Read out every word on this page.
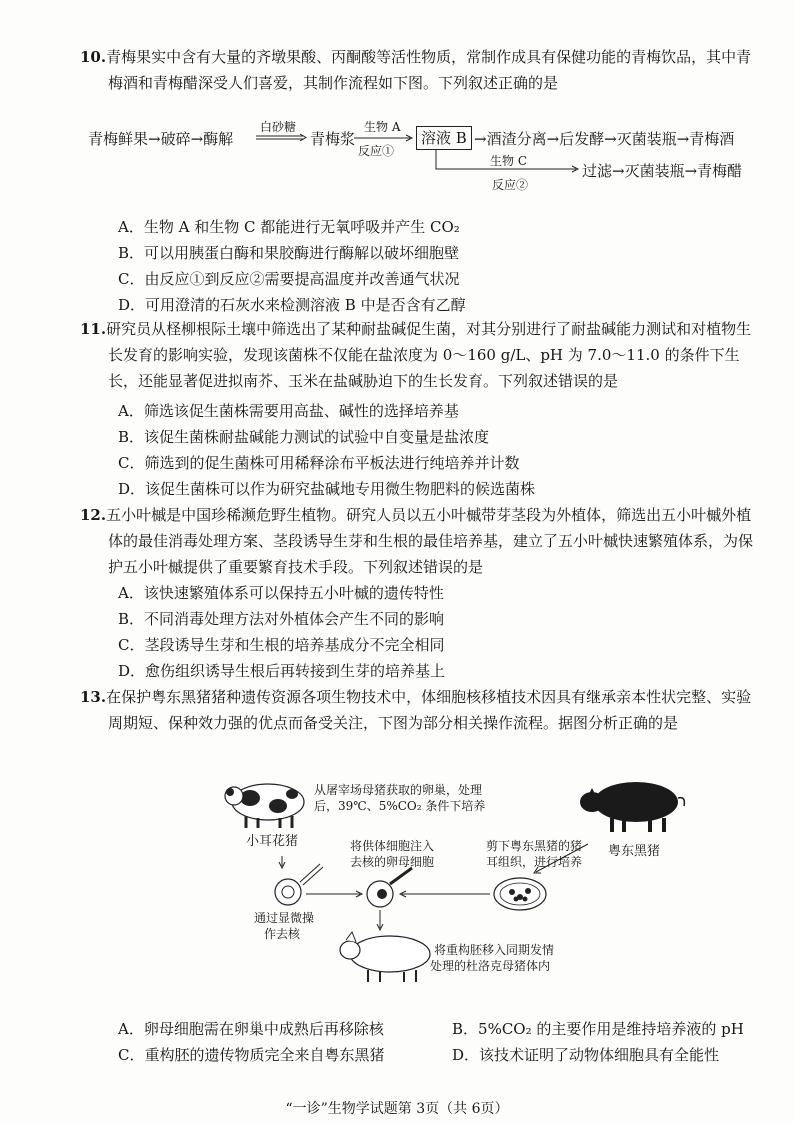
10.青梅果实中含有大量的齐墩果酸、丙酮酸等活性物质，常制作成具有保健功能的青梅饮品，其中青梅酒和青梅醋深受人们喜爱，其制作流程如下图。下列叙述正确的是

青梅鲜果→破碎→酶解
白砂糖
青梅浆
生物 A
反应①
溶液 B →酒渣分离→后发酵→灭菌装瓶→青梅酒
生物 C
反应②
过滤→灭菌装瓶→青梅醋
A．生物 A 和生物 C 都能进行无氧呼吸并产生 CO₂
B．可以用胰蛋白酶和果胶酶进行酶解以破坏细胞壁
C．由反应①到反应②需要提高温度并改善通气状况
D．可用澄清的石灰水来检测溶液 B 中是否含有乙醇

11.研究员从柽柳根际土壤中筛选出了某种耐盐碱促生菌，对其分别进行了耐盐碱能力测试和对植物生长发育的影响实验，发现该菌株不仅能在盐浓度为 0～160 g/L、pH 为 7.0～11.0 的条件下生长，还能显著促进拟南芥、玉米在盐碱胁迫下的生长发育。下列叙述错误的是

A．筛选该促生菌株需要用高盐、碱性的选择培养基
B．该促生菌株耐盐碱能力测试的试验中自变量是盐浓度
C．筛选到的促生菌株可用稀释涂布平板法进行纯培养并计数
D．该促生菌株可以作为研究盐碱地专用微生物肥料的候选菌株

12.五小叶槭是中国珍稀濒危野生植物。研究人员以五小叶槭带芽茎段为外植体，筛选出五小叶槭外植体的最佳消毒处理方案、茎段诱导生芽和生根的最佳培养基，建立了五小叶槭快速繁殖体系，为保护五小叶槭提供了重要繁育技术手段。下列叙述错误的是

A．该快速繁殖体系可以保持五小叶槭的遗传特性
B．不同消毒处理方法对外植体会产生不同的影响
C．茎段诱导生芽和生根的培养基成分不完全相同
D．愈伤组织诱导生根后再转接到生芽的培养基上

13.在保护粤东黑猪猪种遗传资源各项生物技术中，体细胞核移植技术因具有继承亲本性状完整、实验周期短、保种效力强的优点而备受关注，下图为部分相关操作流程。据图分析正确的是

从屠宰场母猪获取的卵巢，处理
后，39℃、5%CO₂ 条件下培养
小耳花猪
粤东黑猪
将供体细胞注入
去核的卵母细胞
剪下粤东黑猪的猪
耳组织，进行培养
通过显微操
作去核
将重构胚移入同期发情
处理的杜洛克母猪体内
A．卵母细胞需在卵巢中成熟后再移除核	B．5%CO₂ 的主要作用是维持培养液的 pH
C．重构胚的遗传物质完全来自粤东黑猪	D．该技术证明了动物体细胞具有全能性
“一诊”生物学试题第 3页（共 6页）
